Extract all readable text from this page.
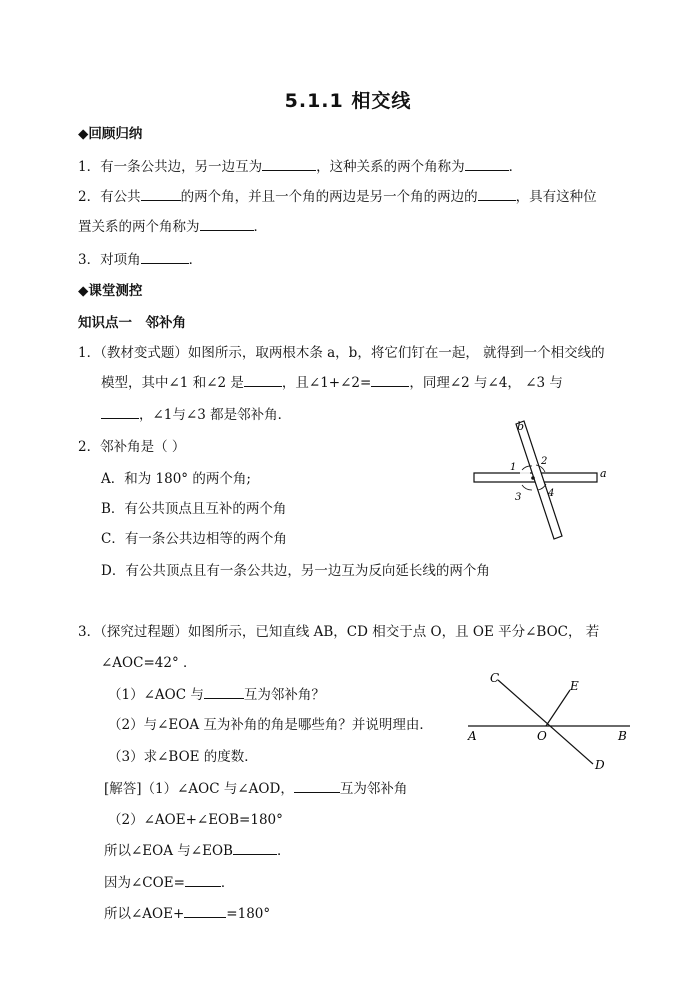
5.1.1 相交线
◆回顾归纳
1．有一条公共边，另一边互为	，这种关系的两个角称为	．
2．有公共	的两个角，并且一个角的两边是另一个角的两边的	，具有这种位
置关系的两个角称为	．
3．对项角	．
◆课堂测控
知识点一　邻补角
1．（教材变式题）如图所示，取两根木条 a，b，将它们钉在一起， 就得到一个相交线的
模型，其中∠1 和∠2 是	，且∠1+∠2=	，同理∠2 与∠4， ∠3 与
，∠1与∠3 都是邻补角．
2．邻补角是（ ）
A．和为 180° 的两个角;
B．有公共顶点且互补的两个角
C．有一条公共边相等的两个角
D．有公共顶点且有一条公共边，另一边互为反向延长线的两个角
b
1
2
a
3	4
3．（探究过程题）如图所示，已知直线 AB，CD 相交于点 O，且 OE 平分∠BOC， 若
∠AOC=42° ．
（1）∠AOC 与	互为邻补角？
（2）与∠EOA 互为补角的角是哪些角？并说明理由．
（3）求∠BOE 的度数．
[解答]（1）∠AOC 与∠AOD，	互为邻补角
（2）∠AOE+∠EOB=180°
所以∠EOA 与∠EOB	．
因为∠COE=	．
所以∠AOE+	=180°
C
E
A	O	B
D
